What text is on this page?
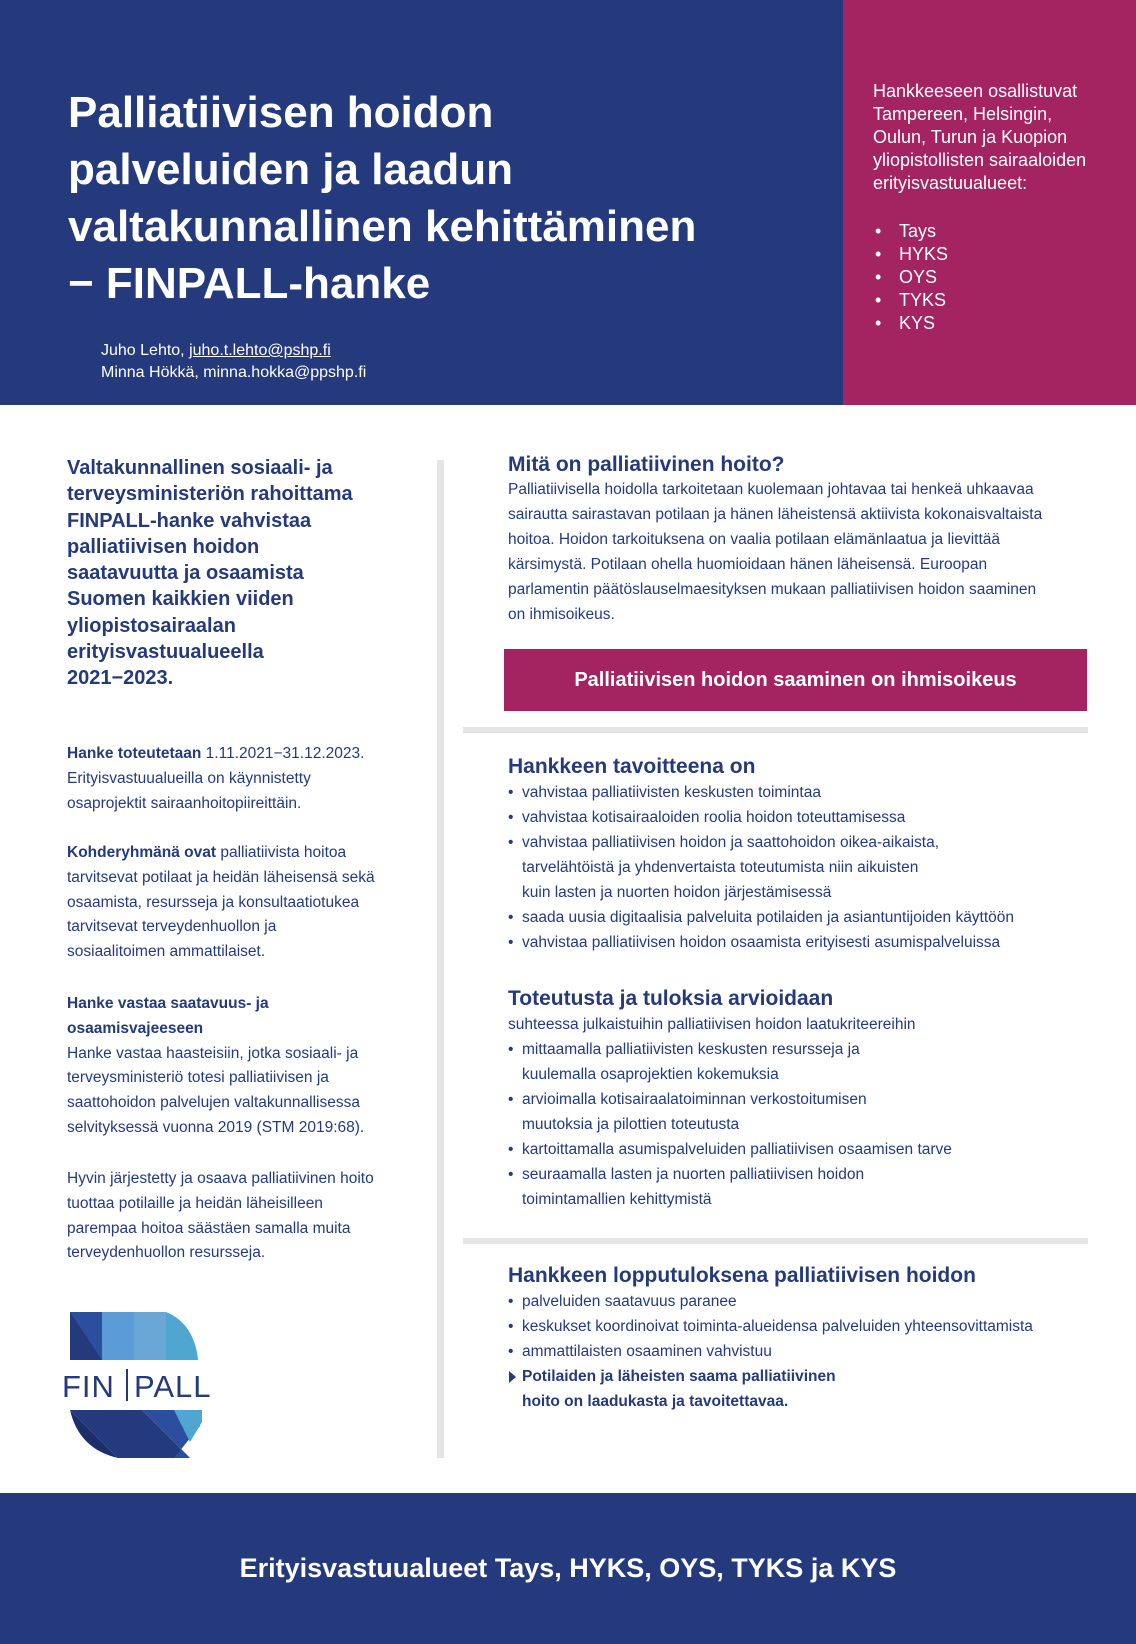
Palliatiivisen hoidon
palveluiden ja laadun
valtakunnallinen kehittäminen
− FINPALL-hanke
Juho Lehto, juho.t.lehto@pshp.fi
Minna Hökkä, minna.hokka@ppshp.fi
Hankkeeseen osallistuvat
Tampereen, Helsingin,
Oulun, Turun ja Kuopion
yliopistollisten sairaaloiden
erityisvastuualueet:
• Tays
• HYKS
• OYS
• TYKS
• KYS
Valtakunnallinen sosiaali- ja
terveysministeriön rahoittama
FINPALL-hanke vahvistaa
palliatiivisen hoidon
saatavuutta ja osaamista
Suomen kaikkien viiden
yliopistosairaalan
erityisvastuualueella
2021−2023.
Hanke toteutetaan 1.11.2021−31.12.2023.
Erityisvastuualueilla on käynnistetty
osaprojektit sairaanhoitopiireittäin.
Kohderyhmänä ovat palliatiivista hoitoa
tarvitsevat potilaat ja heidän läheisensä sekä
osaamista, resursseja ja konsultaatiotukea
tarvitsevat terveydenhuollon ja
sosiaalitoimen ammattilaiset.
Hanke vastaa saatavuus- ja
osaamisvajeeseen
Hanke vastaa haasteisiin, jotka sosiaali- ja
terveysministeriö totesi palliatiivisen ja
saattohoidon palvelujen valtakunnallisessa
selvityksessä vuonna 2019 (STM 2019:68).
Hyvin järjestetty ja osaava palliatiivinen hoito
tuottaa potilaille ja heidän läheisilleen
parempaa hoitoa säästäen samalla muita
terveydenhuollon resursseja.
FIN PALL
Mitä on palliatiivinen hoito?
Palliatiivisella hoidolla tarkoitetaan kuolemaan johtavaa tai henkeä uhkaavaa
sairautta sairastavan potilaan ja hänen läheistensä aktiivista kokonaisvaltaista
hoitoa. Hoidon tarkoituksena on vaalia potilaan elämänlaatua ja lievittää
kärsimystä. Potilaan ohella huomioidaan hänen läheisensä. Euroopan
parlamentin päätöslauselmaesityksen mukaan palliatiivisen hoidon saaminen
on ihmisoikeus.
Palliatiivisen hoidon saaminen on ihmisoikeus
Hankkeen tavoitteena on
• vahvistaa palliatiivisten keskusten toimintaa
• vahvistaa kotisairaaloiden roolia hoidon toteuttamisessa
• vahvistaa palliatiivisen hoidon ja saattohoidon oikea-aikaista,
tarvelähtöistä ja yhdenvertaista toteutumista niin aikuisten
kuin lasten ja nuorten hoidon järjestämisessä
• saada uusia digitaalisia palveluita potilaiden ja asiantuntijoiden käyttöön
• vahvistaa palliatiivisen hoidon osaamista erityisesti asumispalveluissa
Toteutusta ja tuloksia arvioidaan
suhteessa julkaistuihin palliatiivisen hoidon laatukriteereihin
• mittaamalla palliatiivisten keskusten resursseja ja
kuulemalla osaprojektien kokemuksia
• arvioimalla kotisairaalatoiminnan verkostoitumisen
muutoksia ja pilottien toteutusta
• kartoittamalla asumispalveluiden palliatiivisen osaamisen tarve
• seuraamalla lasten ja nuorten palliatiivisen hoidon
toimintamallien kehittymistä
Hankkeen lopputuloksena palliatiivisen hoidon
• palveluiden saatavuus paranee
• keskukset koordinoivat toiminta-alueidensa palveluiden yhteensovittamista
• ammattilaisten osaaminen vahvistuu
Potilaiden ja läheisten saama palliatiivinen
hoito on laadukasta ja tavoitettavaa.
Erityisvastuualueet Tays, HYKS, OYS, TYKS ja KYS
